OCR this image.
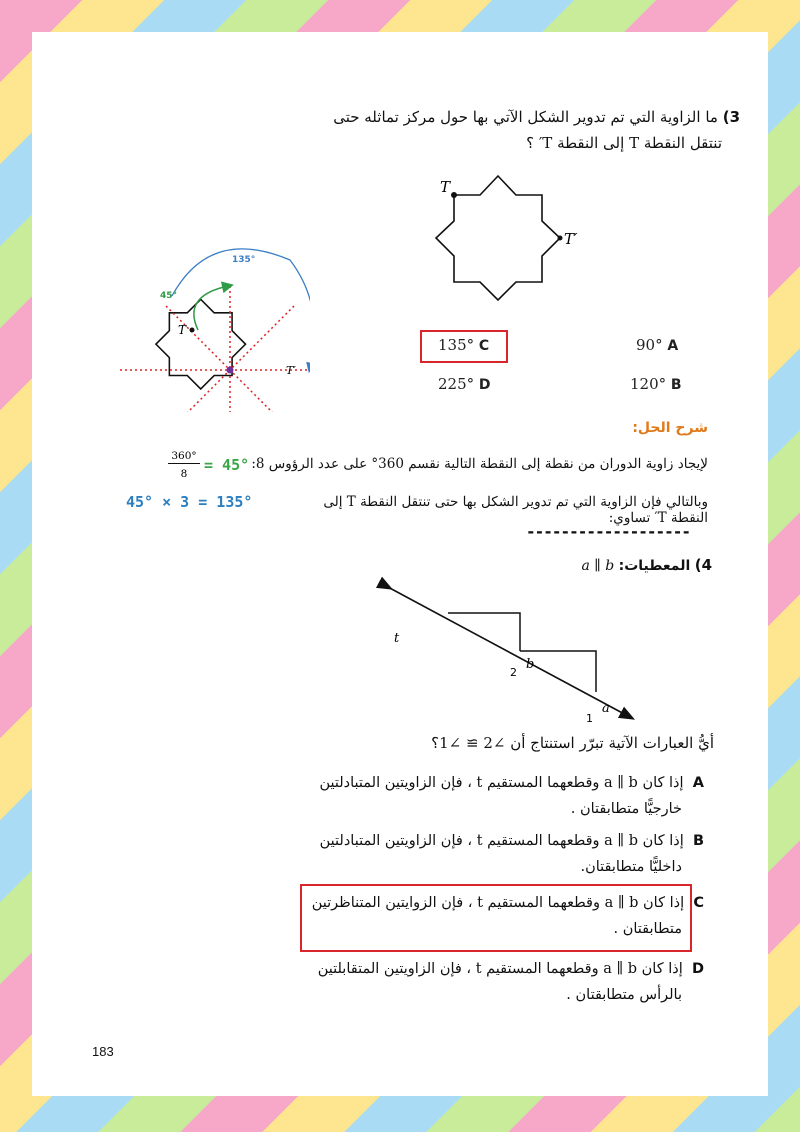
3) ما الزاوية التي تم تدوير الشكل الآتي بها حول مركز تماثله حتى
تنتقل النقطة T إلى النقطة T′ ؟
T
T′
135°
45°
T
T′
135° C	90° A
225° D	120° B
شرح الحل:
لإيجاد زاوية الدوران من نقطة إلى النقطة التالية نقسم 360° على عدد الرؤوس 8:
360°
8	= 45°
وبالتالي فإن الزاوية التي تم تدوير الشكل بها حتى تنتقل النقطة T إلى النقطة T′ تساوي:
45° × 3 = 135°
-------------------
4) المعطيات: a ∥ b
t
b
a
2
1
أيُّ العبارات الآتية تبرّر استنتاج أن ∠2 ≅ ∠1؟
A  إذا كان a ∥ b وقطعهما المستقيم t ، فإن الزاويتين المتبادلتين
خارجيًّا متطابقتان .
B  إذا كان a ∥ b وقطعهما المستقيم t ، فإن الزاويتين المتبادلتين
داخليًّا متطابقتان.
C  إذا كان a ∥ b وقطعهما المستقيم t ، فإن الزوايتين المتناظرتين
متطابقتان .
D  إذا كان a ∥ b وقطعهما المستقيم t ، فإن الزاويتين المتقابلتين
بالرأس متطابقتان .
183
